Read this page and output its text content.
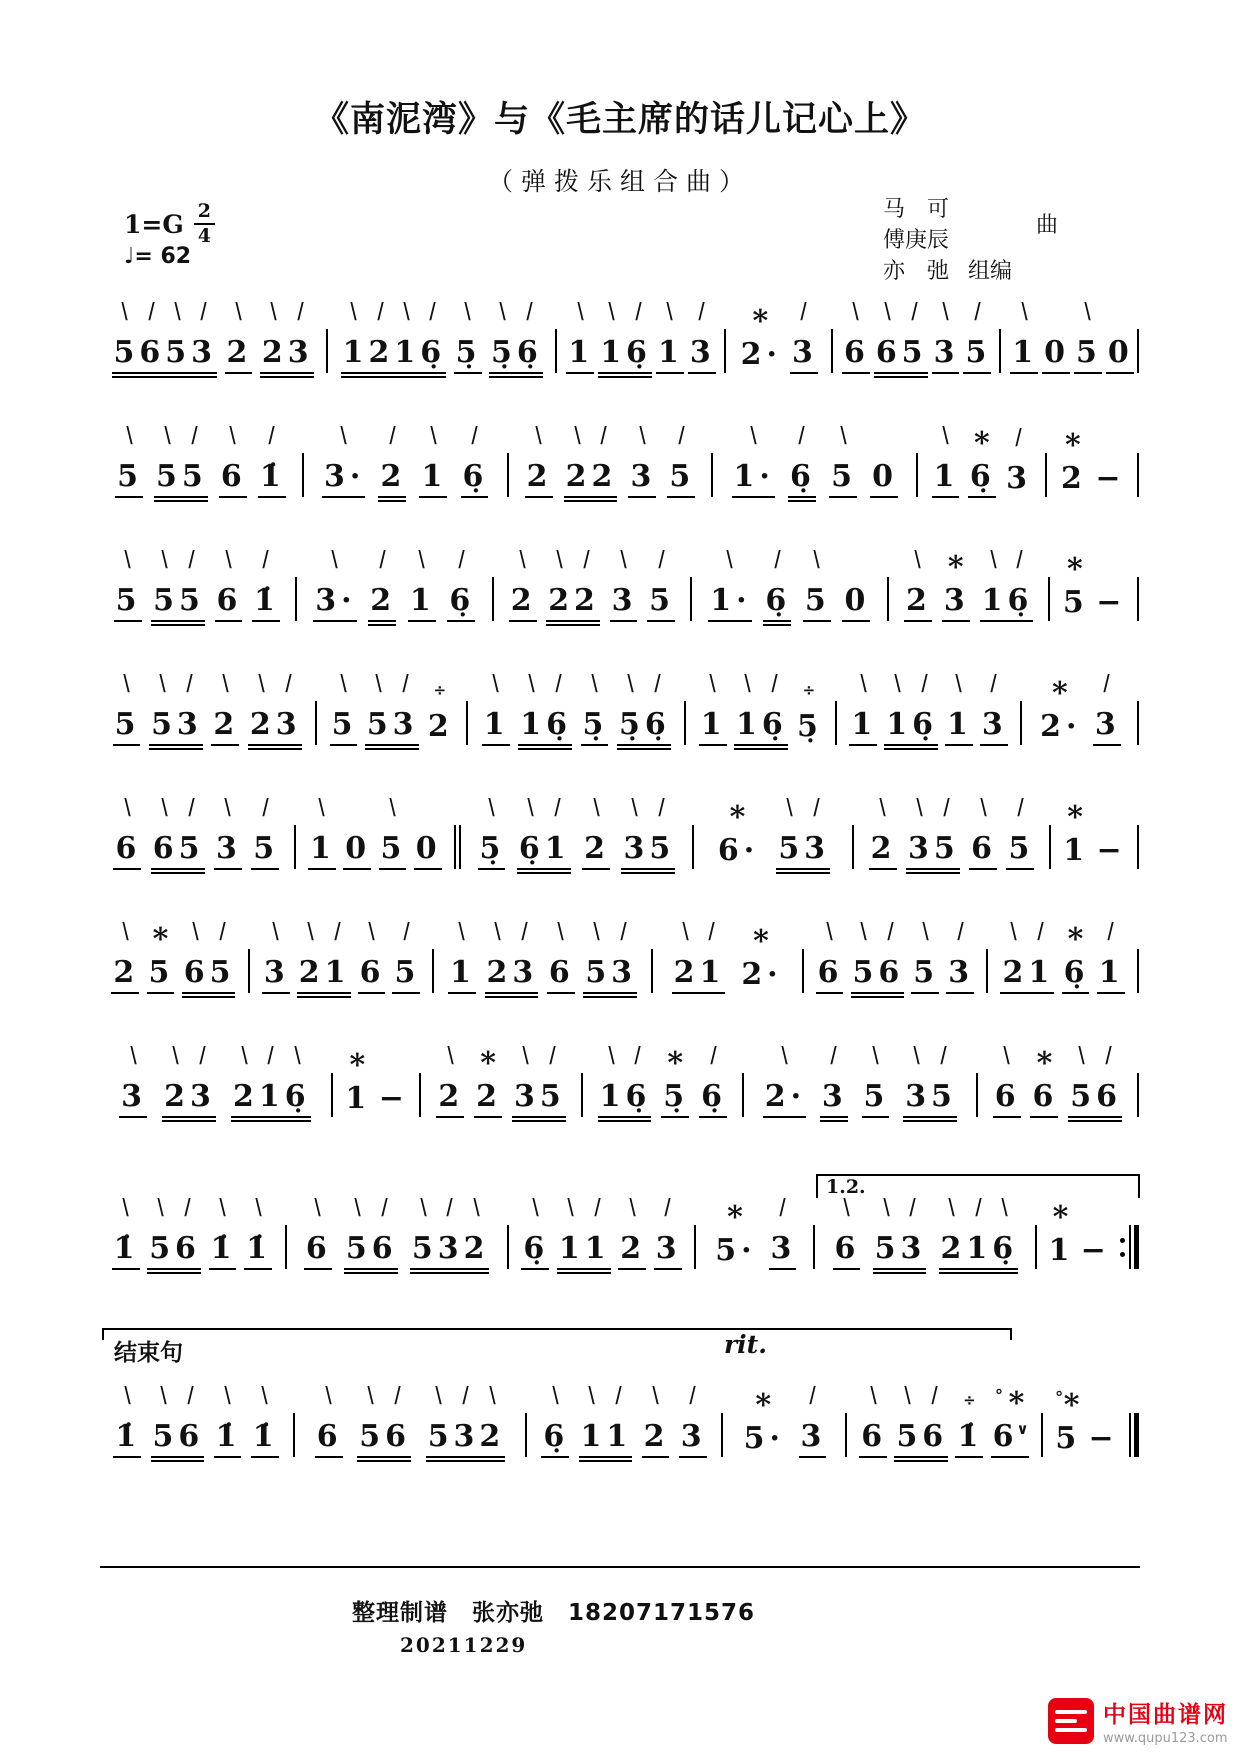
《南泥湾》与《毛主席的话儿记心上》
（弹拨乐组合曲）
$1=G \frac{2}{4}$
♩= 62
马　可
傅庚辰
亦　弛 组编
曲
\ / \ /
5653
\
2
\ /
23
\ / \ /
1216̣
\
5̣
\ /
5̣6̣
\
1
\ /
16̣
\
1
/
3
*
2·
/
3
\
6
\ /
65
\
3
/
5
\
1 0
\
5 0
\
5
\ /
55
\
6
/
1̇
\
3·
/
2
\
1
/
6̣
\
2
\ /
22
\
3
/
5
\
1·
/
6̣
\
5 0
\
1
*
6̣
/
3
*
2 −
\
5
\ /
55
\
6
/
1̇
\
3·
/
2
\
1
/
6̣
\
2
\ /
22
\
3
/
5
\
1·
/
6̣
\
5 0
\
2
*
3
\ /
16̣
*
5 −
\
5
\ /
53
\
2
\ /
23
\
5
\ /
53
÷
2
\
1
\ /
16̣
\
5̣
\ /
5̣6̣
\
1
\ /
16̣
÷
5̣
\
1
\ /
16̣
\
1
/
3
*
2·
/
3
\
6
\ /
65
\
3
/
5
\
1 0
\
5 0
\
5̣
\ /
6̣1
\
2
\ /
35
*
6·
\ /
53
\
2
\ /
35
\
6
/
5
*
1 −
\
2
*
5
\ /
65
\
3
\ /
21
\
6
/
5
\
1
\ /
23
\
6
\ /
53
\ /
21
*
2·
\
6
\ /
56
\
5
/
3
\ /
21
*
6̣
/
1
\
3
\ /
23
\ / \
216̣
*
1 −
\
2
*
2
\ /
35
\ /
16̣
*
5̣
/
6̣
\
2·
/
3
\
5
\ /
35
\
6
*
6
\ /
56
\
1̇
\ /
56
\
1̇
\
1̇
\
6
\ /
56
\ / \
532
\
6̣
\ /
11
\
2
/
3
*
5·
/
3
\
6
\ /
53
\ / \
216̣
*
1 −
1.2.
结束句	rit.
\
1̇
\ /
56
\
1̇
\
1̇
\
6
\ /
56
\ / \
532
\
6̣
\ /
11
\
2
/
3
*
5·
/
3
\
6
\ /
56
÷
1̇
° *
6∨
° *
5 −
整理制谱　张亦弛　18207171576
20211229
中国曲谱网
www.qupu123.com
